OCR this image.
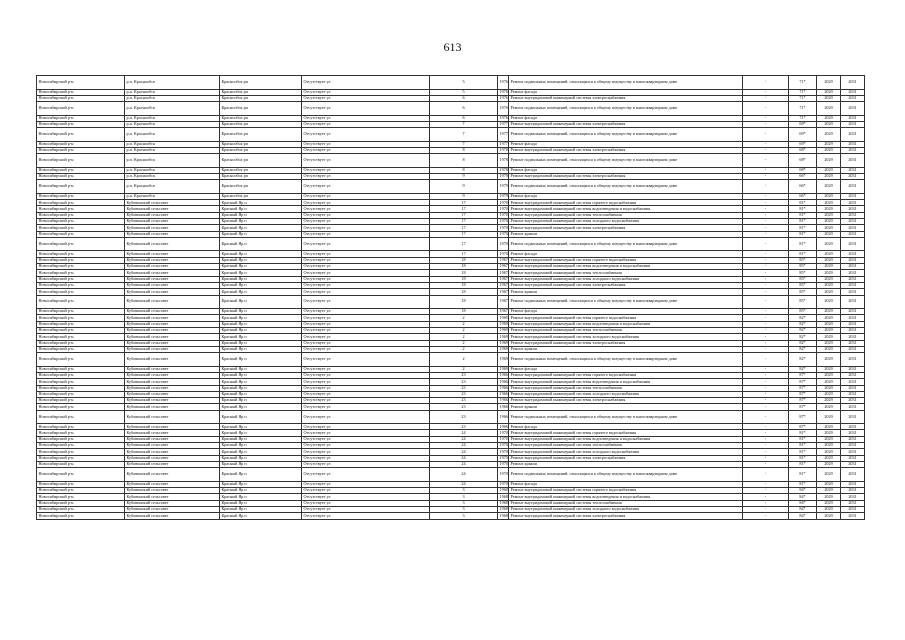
613
Новосибирский р-н	р.п. Краснообск	Краснообск рп	Отсутствует ул	5	1976	Ремонт подвальных помещений, относящихся к общему имуществу в многоквартирном доме	-	71*	2029	2031
Новосибирский р-н	р.п. Краснообск	Краснообск рп	Отсутствует ул	5	1976	Ремонт фасада	-	71*	2029	2031
Новосибирский р-н	р.п. Краснообск	Краснообск рп	Отсутствует ул	6	1976	Ремонт внутридомовой инженерной системы электроснабжения	-	71*	2029	2031
Новосибирский р-н	р.п. Краснообск	Краснообск рп	Отсутствует ул	6	1976	Ремонт подвальных помещений, относящихся к общему имуществу в многоквартирном доме	-	71*	2029	2031
Новосибирский р-н	р.п. Краснообск	Краснообск рп	Отсутствует ул	6	1976	Ремонт фасада	-	71*	2029	2031
Новосибирский р-н	р.п. Краснообск	Краснообск рп	Отсутствует ул	7	1977	Ремонт внутридомовой инженерной системы электроснабжения	-	69*	2029	2031
Новосибирский р-н	р.п. Краснообск	Краснообск рп	Отсутствует ул	7	1977	Ремонт подвальных помещений, относящихся к общему имуществу в многоквартирном доме	-	69*	2029	2031
Новосибирский р-н	р.п. Краснообск	Краснообск рп	Отсутствует ул	7	1977	Ремонт фасада	-	69*	2029	2031
Новосибирский р-н	р.п. Краснообск	Краснообск рп	Отсутствует ул	8	1978	Ремонт внутридомовой инженерной системы электроснабжения	-	68*	2029	2031
Новосибирский р-н	р.п. Краснообск	Краснообск рп	Отсутствует ул	8	1978	Ремонт подвальных помещений, относящихся к общему имуществу в многоквартирном доме	-	68*	2029	2031
Новосибирский р-н	р.п. Краснообск	Краснообск рп	Отсутствует ул	8	1978	Ремонт фасада	-	68*	2029	2031
Новосибирский р-н	р.п. Краснообск	Краснообск рп	Отсутствует ул	9	1979	Ремонт внутридомовой инженерной системы электроснабжения	-	66*	2029	2031
Новосибирский р-н	р.п. Краснообск	Краснообск рп	Отсутствует ул	9	1979	Ремонт подвальных помещений, относящихся к общему имуществу в многоквартирном доме	-	66*	2029	2031
Новосибирский р-н	р.п. Краснообск	Краснообск рп	Отсутствует ул	9	1979	Ремонт фасада	-	66*	2029	2031
Новосибирский р-н	Кубовинский сельсовет	Красный Яр п	Отсутствует ул	17	1970	Ремонт внутридомовой инженерной системы горячего водоснабжения	-	81*	2029	2031
Новосибирский р-н	Кубовинский сельсовет	Красный Яр п	Отсутствует ул	17	1970	Ремонт внутридомовой инженерной системы водоотведения и водоснабжения	-	81*	2029	2031
Новосибирский р-н	Кубовинский сельсовет	Красный Яр п	Отсутствует ул	17	1970	Ремонт внутридомовой инженерной системы теплоснабжения	-	81*	2029	2031
Новосибирский р-н	Кубовинский сельсовет	Красный Яр п	Отсутствует ул	17	1970	Ремонт внутридомовой инженерной системы холодного водоснабжения	-	81*	2029	2031
Новосибирский р-н	Кубовинский сельсовет	Красный Яр п	Отсутствует ул	17	1970	Ремонт внутридомовой инженерной системы электроснабжения	-	81*	2029	2031
Новосибирский р-н	Кубовинский сельсовет	Красный Яр п	Отсутствует ул	17	1970	Ремонт крыши	-	81*	2029	2031
Новосибирский р-н	Кубовинский сельсовет	Красный Яр п	Отсутствует ул	17	1970	Ремонт подвальных помещений, относящихся к общему имуществу в многоквартирном доме	-	81*	2029	2031
Новосибирский р-н	Кубовинский сельсовет	Красный Яр п	Отсутствует ул	17	1970	Ремонт фасада	-	81*	2029	2031
Новосибирский р-н	Кубовинский сельсовет	Красный Яр п	Отсутствует ул	18	1967	Ремонт внутридомовой инженерной системы горячего водоснабжения	-	85*	2029	2031
Новосибирский р-н	Кубовинский сельсовет	Красный Яр п	Отсутствует ул	18	1967	Ремонт внутридомовой инженерной системы водоотведения и водоснабжения	-	85*	2029	2031
Новосибирский р-н	Кубовинский сельсовет	Красный Яр п	Отсутствует ул	18	1967	Ремонт внутридомовой инженерной системы теплоснабжения	-	85*	2029	2031
Новосибирский р-н	Кубовинский сельсовет	Красный Яр п	Отсутствует ул	18	1967	Ремонт внутридомовой инженерной системы холодного водоснабжения	-	85*	2029	2031
Новосибирский р-н	Кубовинский сельсовет	Красный Яр п	Отсутствует ул	18	1967	Ремонт внутридомовой инженерной системы электроснабжения	-	85*	2029	2031
Новосибирский р-н	Кубовинский сельсовет	Красный Яр п	Отсутствует ул	18	1967	Ремонт крыши	-	85*	2029	2031
Новосибирский р-н	Кубовинский сельсовет	Красный Яр п	Отсутствует ул	18	1967	Ремонт подвальных помещений, относящихся к общему имуществу в многоквартирном доме	-	85*	2029	2031
Новосибирский р-н	Кубовинский сельсовет	Красный Яр п	Отсутствует ул	18	1967	Ремонт фасада	-	85*	2029	2031
Новосибирский р-н	Кубовинский сельсовет	Красный Яр п	Отсутствует ул	2	1969	Ремонт внутридомовой инженерной системы горячего водоснабжения	-	82*	2029	2031
Новосибирский р-н	Кубовинский сельсовет	Красный Яр п	Отсутствует ул	2	1969	Ремонт внутридомовой инженерной системы водоотведения и водоснабжения	-	82*	2029	2031
Новосибирский р-н	Кубовинский сельсовет	Красный Яр п	Отсутствует ул	2	1969	Ремонт внутридомовой инженерной системы теплоснабжения	-	82*	2029	2031
Новосибирский р-н	Кубовинский сельсовет	Красный Яр п	Отсутствует ул	2	1969	Ремонт внутридомовой инженерной системы холодного водоснабжения	-	82*	2029	2031
Новосибирский р-н	Кубовинский сельсовет	Красный Яр п	Отсутствует ул	2	1969	Ремонт внутридомовой инженерной системы электроснабжения	-	82*	2029	2031
Новосибирский р-н	Кубовинский сельсовет	Красный Яр п	Отсутствует ул	2	1969	Ремонт крыши	-	82*	2029	2031
Новосибирский р-н	Кубовинский сельсовет	Красный Яр п	Отсутствует ул	2	1969	Ремонт подвальных помещений, относящихся к общему имуществу в многоквартирном доме	-	82*	2029	2031
Новосибирский р-н	Кубовинский сельсовет	Красный Яр п	Отсутствует ул	2	1969	Ремонт фасада	-	82*	2029	2031
Новосибирский р-н	Кубовинский сельсовет	Красный Яр п	Отсутствует ул	23	1966	Ремонт внутридомовой инженерной системы горячего водоснабжения	-	87*	2029	2031
Новосибирский р-н	Кубовинский сельсовет	Красный Яр п	Отсутствует ул	23	1966	Ремонт внутридомовой инженерной системы водоотведения и водоснабжения	-	87*	2029	2031
Новосибирский р-н	Кубовинский сельсовет	Красный Яр п	Отсутствует ул	23	1966	Ремонт внутридомовой инженерной системы теплоснабжения	-	87*	2029	2031
Новосибирский р-н	Кубовинский сельсовет	Красный Яр п	Отсутствует ул	23	1966	Ремонт внутридомовой инженерной системы холодного водоснабжения	-	87*	2029	2031
Новосибирский р-н	Кубовинский сельсовет	Красный Яр п	Отсутствует ул	23	1966	Ремонт внутридомовой инженерной системы электроснабжения	-	87*	2029	2031
Новосибирский р-н	Кубовинский сельсовет	Красный Яр п	Отсутствует ул	23	1966	Ремонт крыши	-	87*	2029	2031
Новосибирский р-н	Кубовинский сельсовет	Красный Яр п	Отсутствует ул	23	1966	Ремонт подвальных помещений, относящихся к общему имуществу в многоквартирном доме	-	87*	2029	2031
Новосибирский р-н	Кубовинский сельсовет	Красный Яр п	Отсутствует ул	23	1966	Ремонт фасада	-	87*	2029	2031
Новосибирский р-н	Кубовинский сельсовет	Красный Яр п	Отсутствует ул	24	1970	Ремонт внутридомовой инженерной системы горячего водоснабжения	-	81*	2029	2031
Новосибирский р-н	Кубовинский сельсовет	Красный Яр п	Отсутствует ул	24	1970	Ремонт внутридомовой инженерной системы водоотведения и водоснабжения	-	81*	2029	2031
Новосибирский р-н	Кубовинский сельсовет	Красный Яр п	Отсутствует ул	24	1970	Ремонт внутридомовой инженерной системы теплоснабжения	-	81*	2029	2031
Новосибирский р-н	Кубовинский сельсовет	Красный Яр п	Отсутствует ул	24	1970	Ремонт внутридомовой инженерной системы холодного водоснабжения	-	81*	2029	2031
Новосибирский р-н	Кубовинский сельсовет	Красный Яр п	Отсутствует ул	24	1970	Ремонт внутридомовой инженерной системы электроснабжения	-	81*	2029	2031
Новосибирский р-н	Кубовинский сельсовет	Красный Яр п	Отсутствует ул	24	1970	Ремонт крыши	-	81*	2029	2031
Новосибирский р-н	Кубовинский сельсовет	Красный Яр п	Отсутствует ул	24	1970	Ремонт подвальных помещений, относящихся к общему имуществу в многоквартирном доме	-	81*	2029	2031
Новосибирский р-н	Кубовинский сельсовет	Красный Яр п	Отсутствует ул	24	1970	Ремонт фасада	-	81*	2029	2031
Новосибирский р-н	Кубовинский сельсовет	Красный Яр п	Отсутствует ул	3	1968	Ремонт внутридомовой инженерной системы горячего водоснабжения	-	84*	2029	2031
Новосибирский р-н	Кубовинский сельсовет	Красный Яр п	Отсутствует ул	3	1968	Ремонт внутридомовой инженерной системы водоотведения и водоснабжения	-	84*	2029	2031
Новосибирский р-н	Кубовинский сельсовет	Красный Яр п	Отсутствует ул	3	1968	Ремонт внутридомовой инженерной системы теплоснабжения	-	84*	2029	2031
Новосибирский р-н	Кубовинский сельсовет	Красный Яр п	Отсутствует ул	3	1968	Ремонт внутридомовой инженерной системы холодного водоснабжения	-	84*	2029	2031
Новосибирский р-н	Кубовинский сельсовет	Красный Яр п	Отсутствует ул	3	1968	Ремонт внутридомовой инженерной системы электроснабжения	-	84*	2029	2031
